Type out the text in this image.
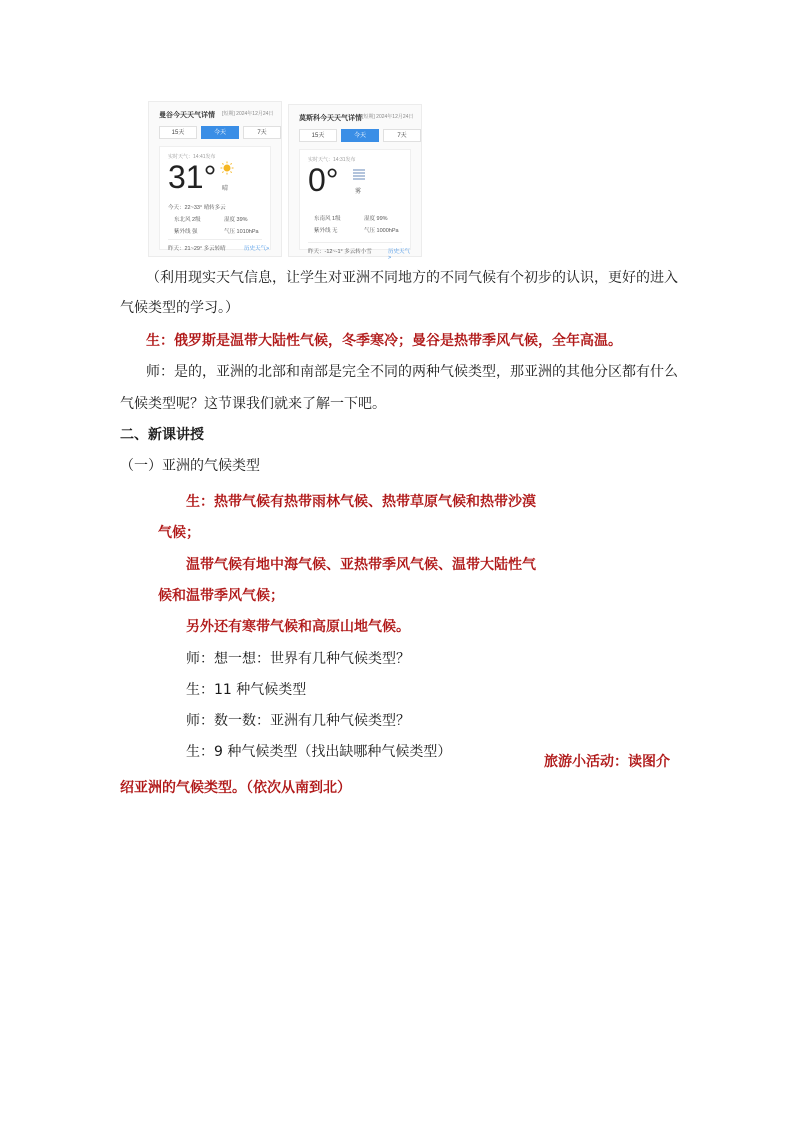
曼谷今天天气详情 [短期] 2024年12月24日
15天	今天	7天
实时天气：14:41发布
31° 晴
今天：22~33° 晴转多云
东北风 2级	湿度 39%
紫外线 强	气压 1010hPa
昨天：21~29° 多云转晴	历史天气>
莫斯科今天天气详情 [短期] 2024年12月24日
15天	今天	7天
实时天气：14:31发布
0°	雾
东南风 1级	湿度 99%
紫外线 无	气压 1000hPa
昨天：-12~-1° 多云转小雪	历史天气>
（利用现实天气信息，让学生对亚洲不同地方的不同气候有个初步的认识，更好的进入
气候类型的学习。）
生：俄罗斯是温带大陆性气候，冬季寒冷；曼谷是热带季风气候，全年高温。
师：是的，亚洲的北部和南部是完全不同的两种气候类型，那亚洲的其他分区都有什么
气候类型呢？这节课我们就来了解一下吧。
二、新课讲授
（一）亚洲的气候类型
生：热带气候有热带雨林气候、热带草原气候和热带沙漠
气候；
温带气候有地中海气候、亚热带季风气候、温带大陆性气
候和温带季风气候；
另外还有寒带气候和高原山地气候。
师：想一想：世界有几种气候类型？
生：11 种气候类型
师：数一数：亚洲有几种气候类型？
生：9 种气候类型（找出缺哪种气候类型）
旅游小活动：读图介
绍亚洲的气候类型。（依次从南到北）
